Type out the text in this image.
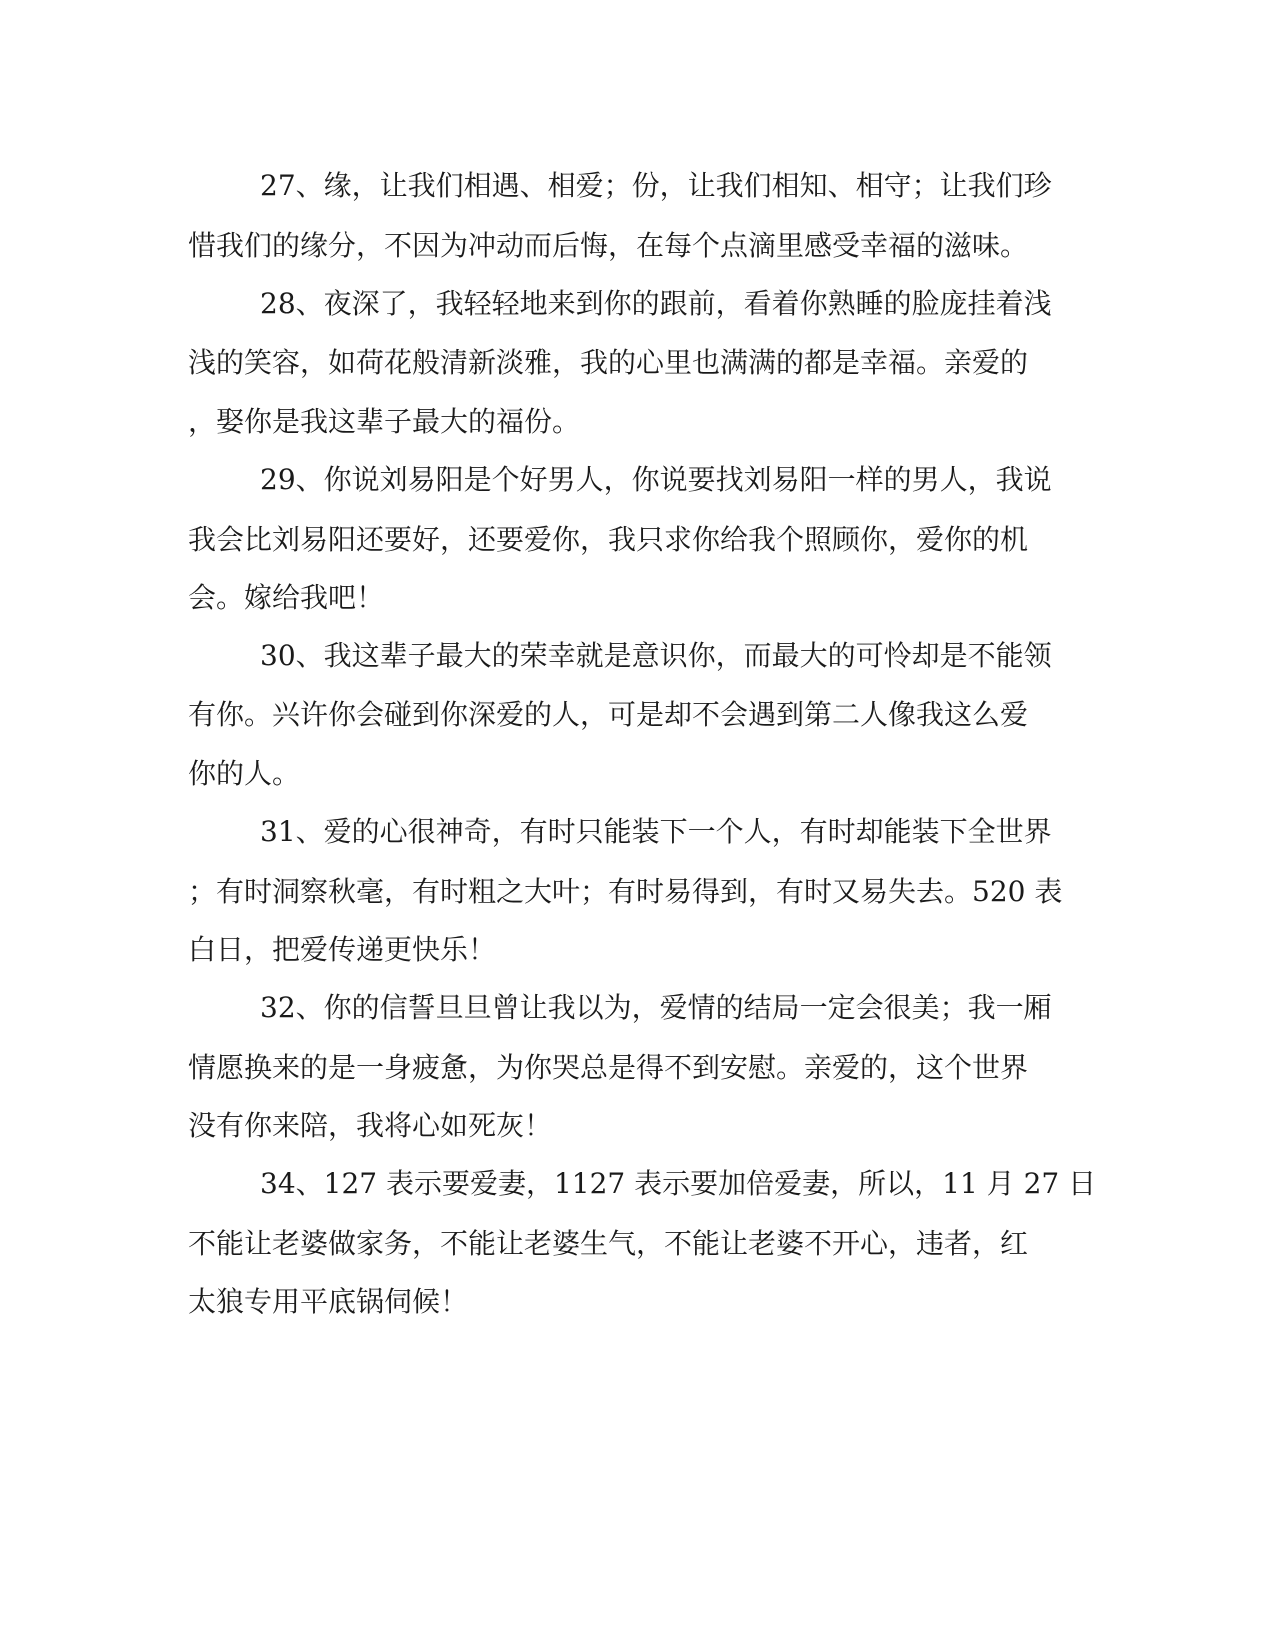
27、缘，让我们相遇、相爱；份，让我们相知、相守；让我们珍
惜我们的缘分，不因为冲动而后悔，在每个点滴里感受幸福的滋味。
28、夜深了，我轻轻地来到你的跟前，看着你熟睡的脸庞挂着浅
浅的笑容，如荷花般清新淡雅，我的心里也满满的都是幸福。亲爱的
，娶你是我这辈子最大的福份。
29、你说刘易阳是个好男人，你说要找刘易阳一样的男人，我说
我会比刘易阳还要好，还要爱你，我只求你给我个照顾你，爱你的机
会。嫁给我吧！
30、我这辈子最大的荣幸就是意识你，而最大的可怜却是不能领
有你。兴许你会碰到你深爱的人，可是却不会遇到第二人像我这么爱
你的人。
31、爱的心很神奇，有时只能装下一个人，有时却能装下全世界
；有时洞察秋毫，有时粗之大叶；有时易得到，有时又易失去。520 表
白日，把爱传递更快乐！
32、你的信誓旦旦曾让我以为，爱情的结局一定会很美；我一厢
情愿换来的是一身疲惫，为你哭总是得不到安慰。亲爱的，这个世界
没有你来陪，我将心如死灰！
34、127 表示要爱妻，1127 表示要加倍爱妻，所以，11 月 27 日
不能让老婆做家务，不能让老婆生气，不能让老婆不开心，违者，红
太狼专用平底锅伺候！
